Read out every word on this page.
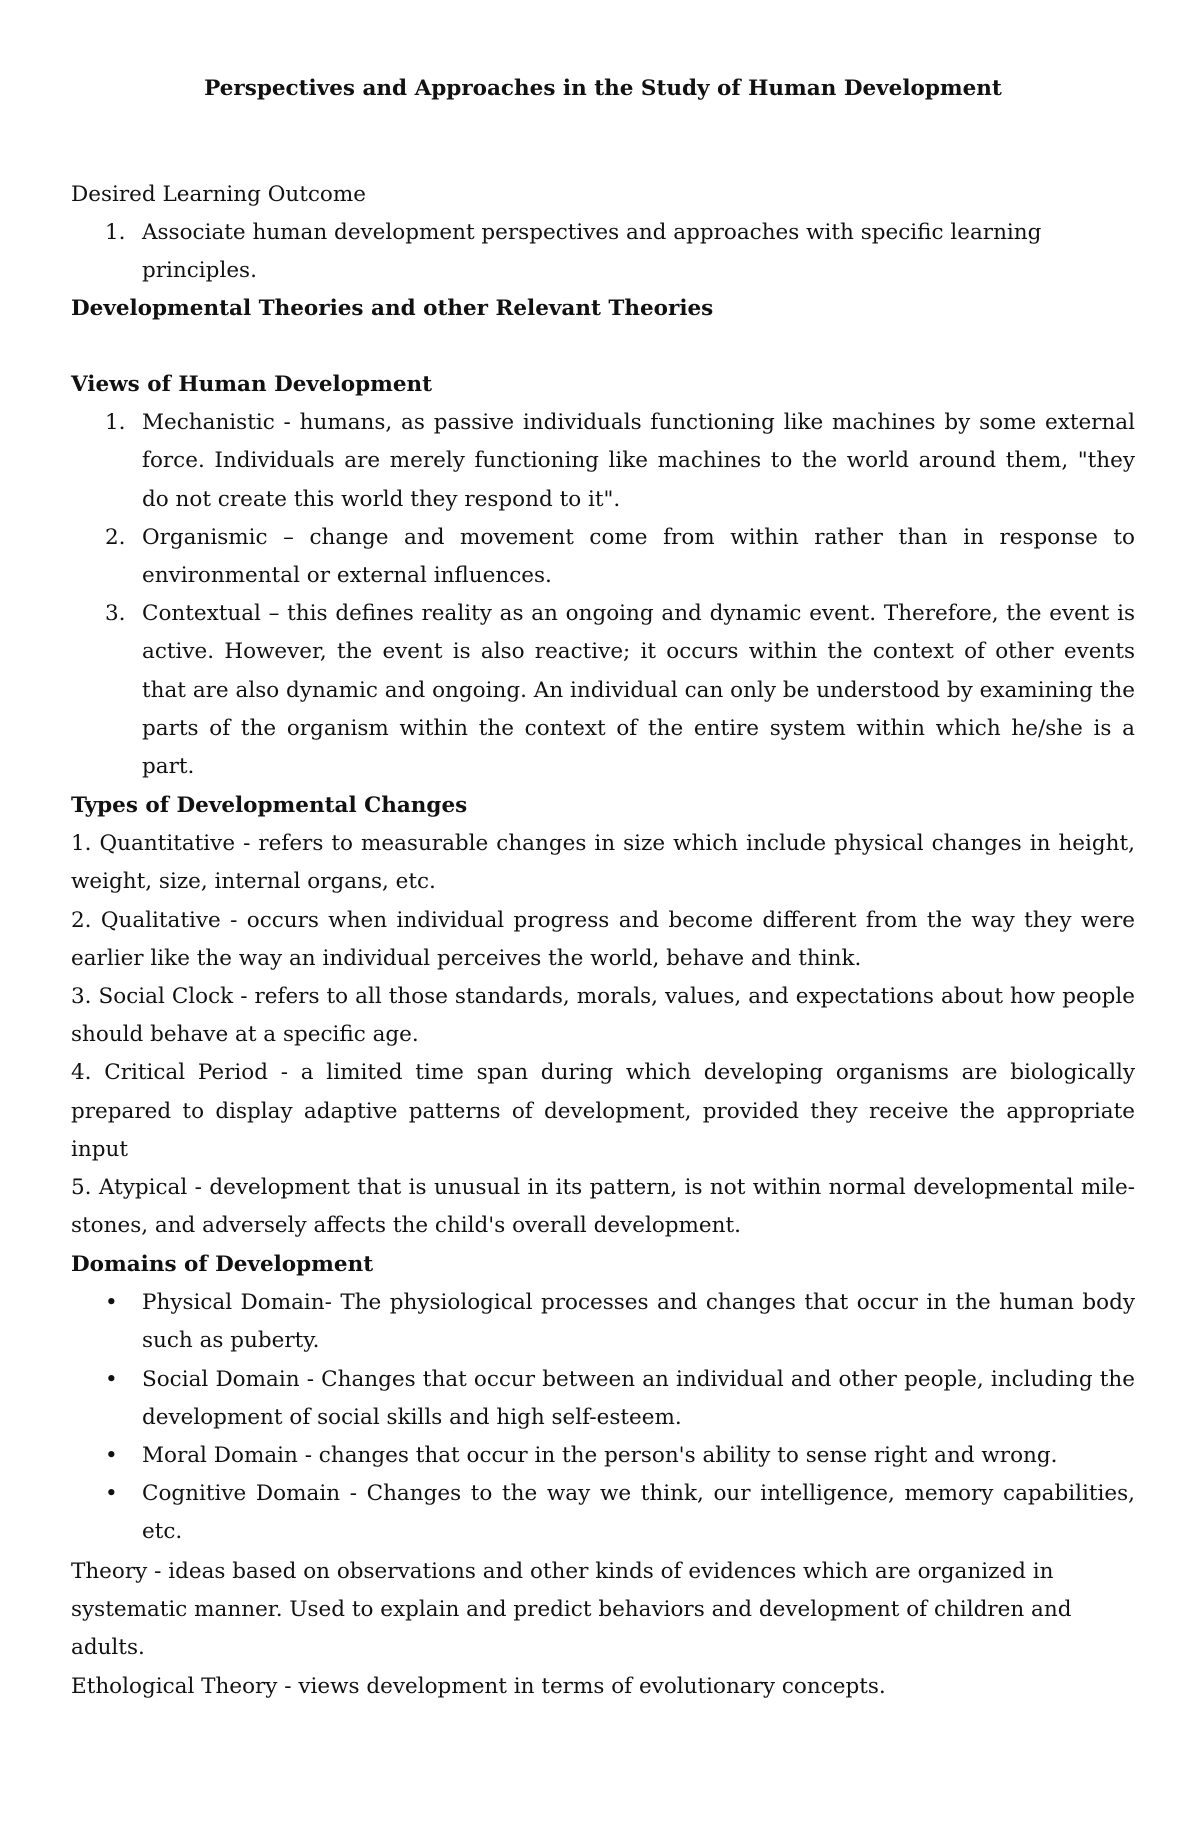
Perspectives and Approaches in the Study of Human Development

Desired Learning Outcome

1. Associate human development perspectives and approaches with specific learning principles.

Developmental Theories and other Relevant Theories

Views of Human Development

1. Mechanistic - humans, as passive individuals functioning like machines by some external force. Individuals are merely functioning like machines to the world around them, "they do not create this world they respond to it".
2. Organismic – change and movement come from within rather than in response to environmental or external influences.
3. Contextual – this defines reality as an ongoing and dynamic event. Therefore, the event is active. However, the event is also reactive; it occurs within the context of other events that are also dynamic and ongoing. An individual can only be understood by examining the parts of the organism within the context of the entire system within which he/she is a part.

Types of Developmental Changes

1. Quantitative - refers to measurable changes in size which include physical changes in height, weight, size, internal organs, etc.

2. Qualitative - occurs when individual progress and become different from the way they were earlier like the way an individual perceives the world, behave and think.

3. Social Clock - refers to all those standards, morals, values, and expectations about how people should behave at a specific age.

4. Critical Period - a limited time span during which developing organisms are biologically prepared to display adaptive patterns of development, provided they receive the appropriate input

5. Atypical - development that is unusual in its pattern, is not within normal developmental mile-stones, and adversely affects the child's overall development.

Domains of Development

• Physical Domain- The physiological processes and changes that occur in the human body such as puberty.
• Social Domain - Changes that occur between an individual and other people, including the development of social skills and high self-esteem.
• Moral Domain - changes that occur in the person's ability to sense right and wrong.
• Cognitive Domain - Changes to the way we think, our intelligence, memory capabilities, etc.

Theory - ideas based on observations and other kinds of evidences which are organized in systematic manner. Used to explain and predict behaviors and development of children and adults.

Ethological Theory - views development in terms of evolutionary concepts.
